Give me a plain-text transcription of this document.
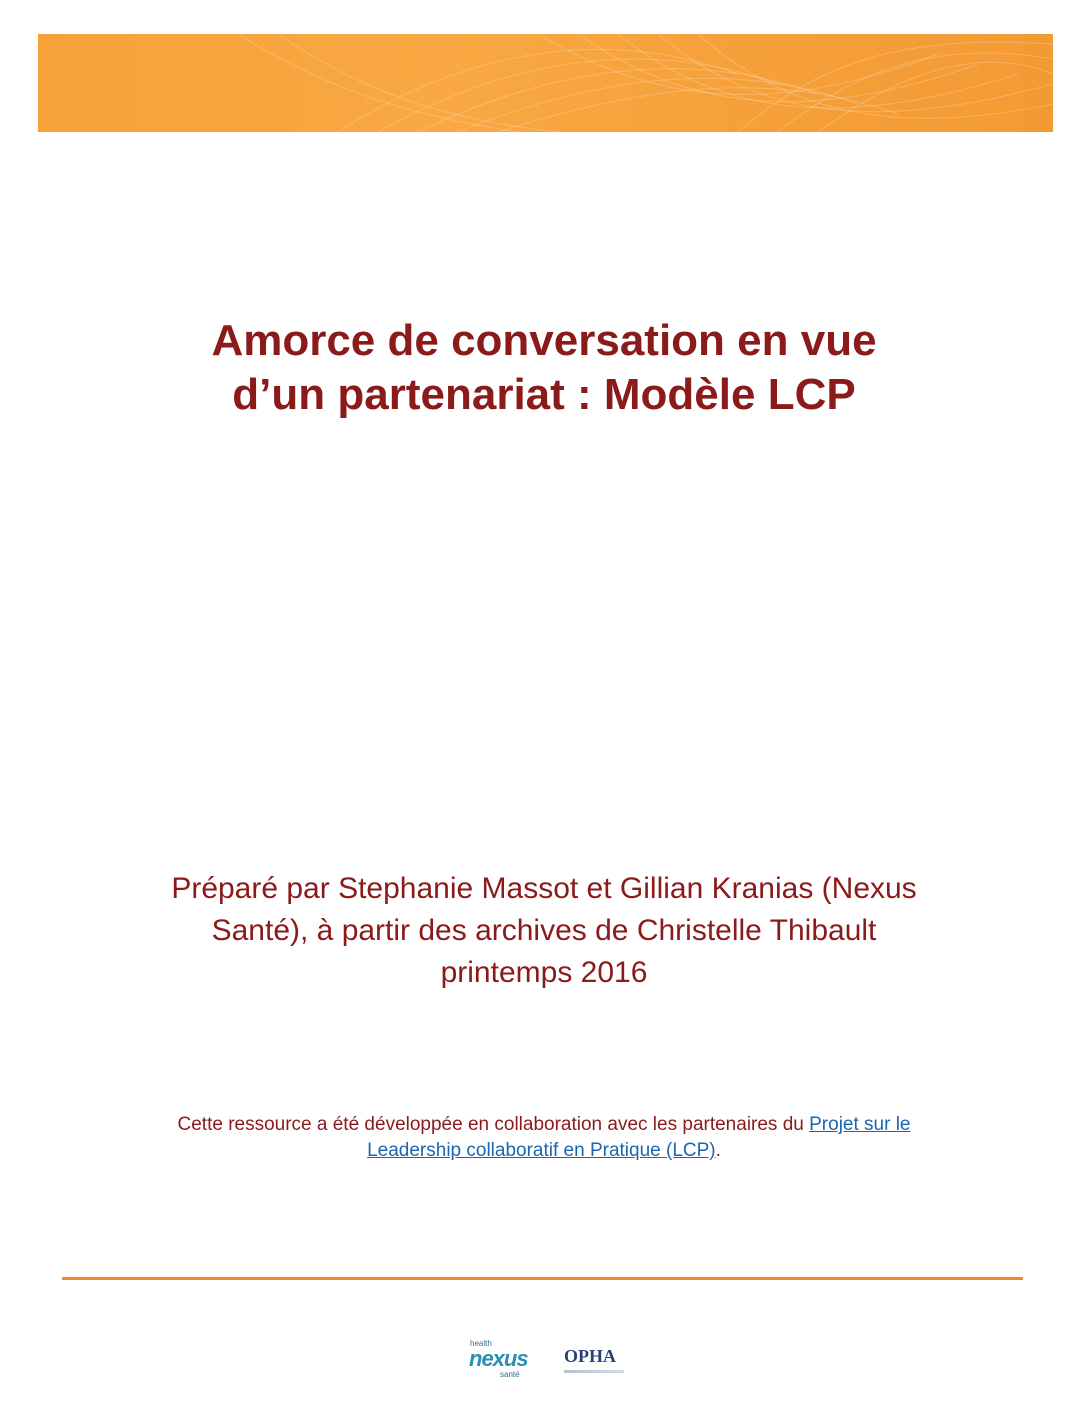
Amorce de conversation en vue
d’un partenariat : Modèle LCP

Préparé par Stephanie Massot et Gillian Kranias (Nexus
Santé), à partir des archives de Christelle Thibault
printemps 2016

Cette ressource a été développée en collaboration avec les partenaires du Projet sur le
Leadership collaboratif en Pratique (LCP).

health
nexus
santé
OPHA
